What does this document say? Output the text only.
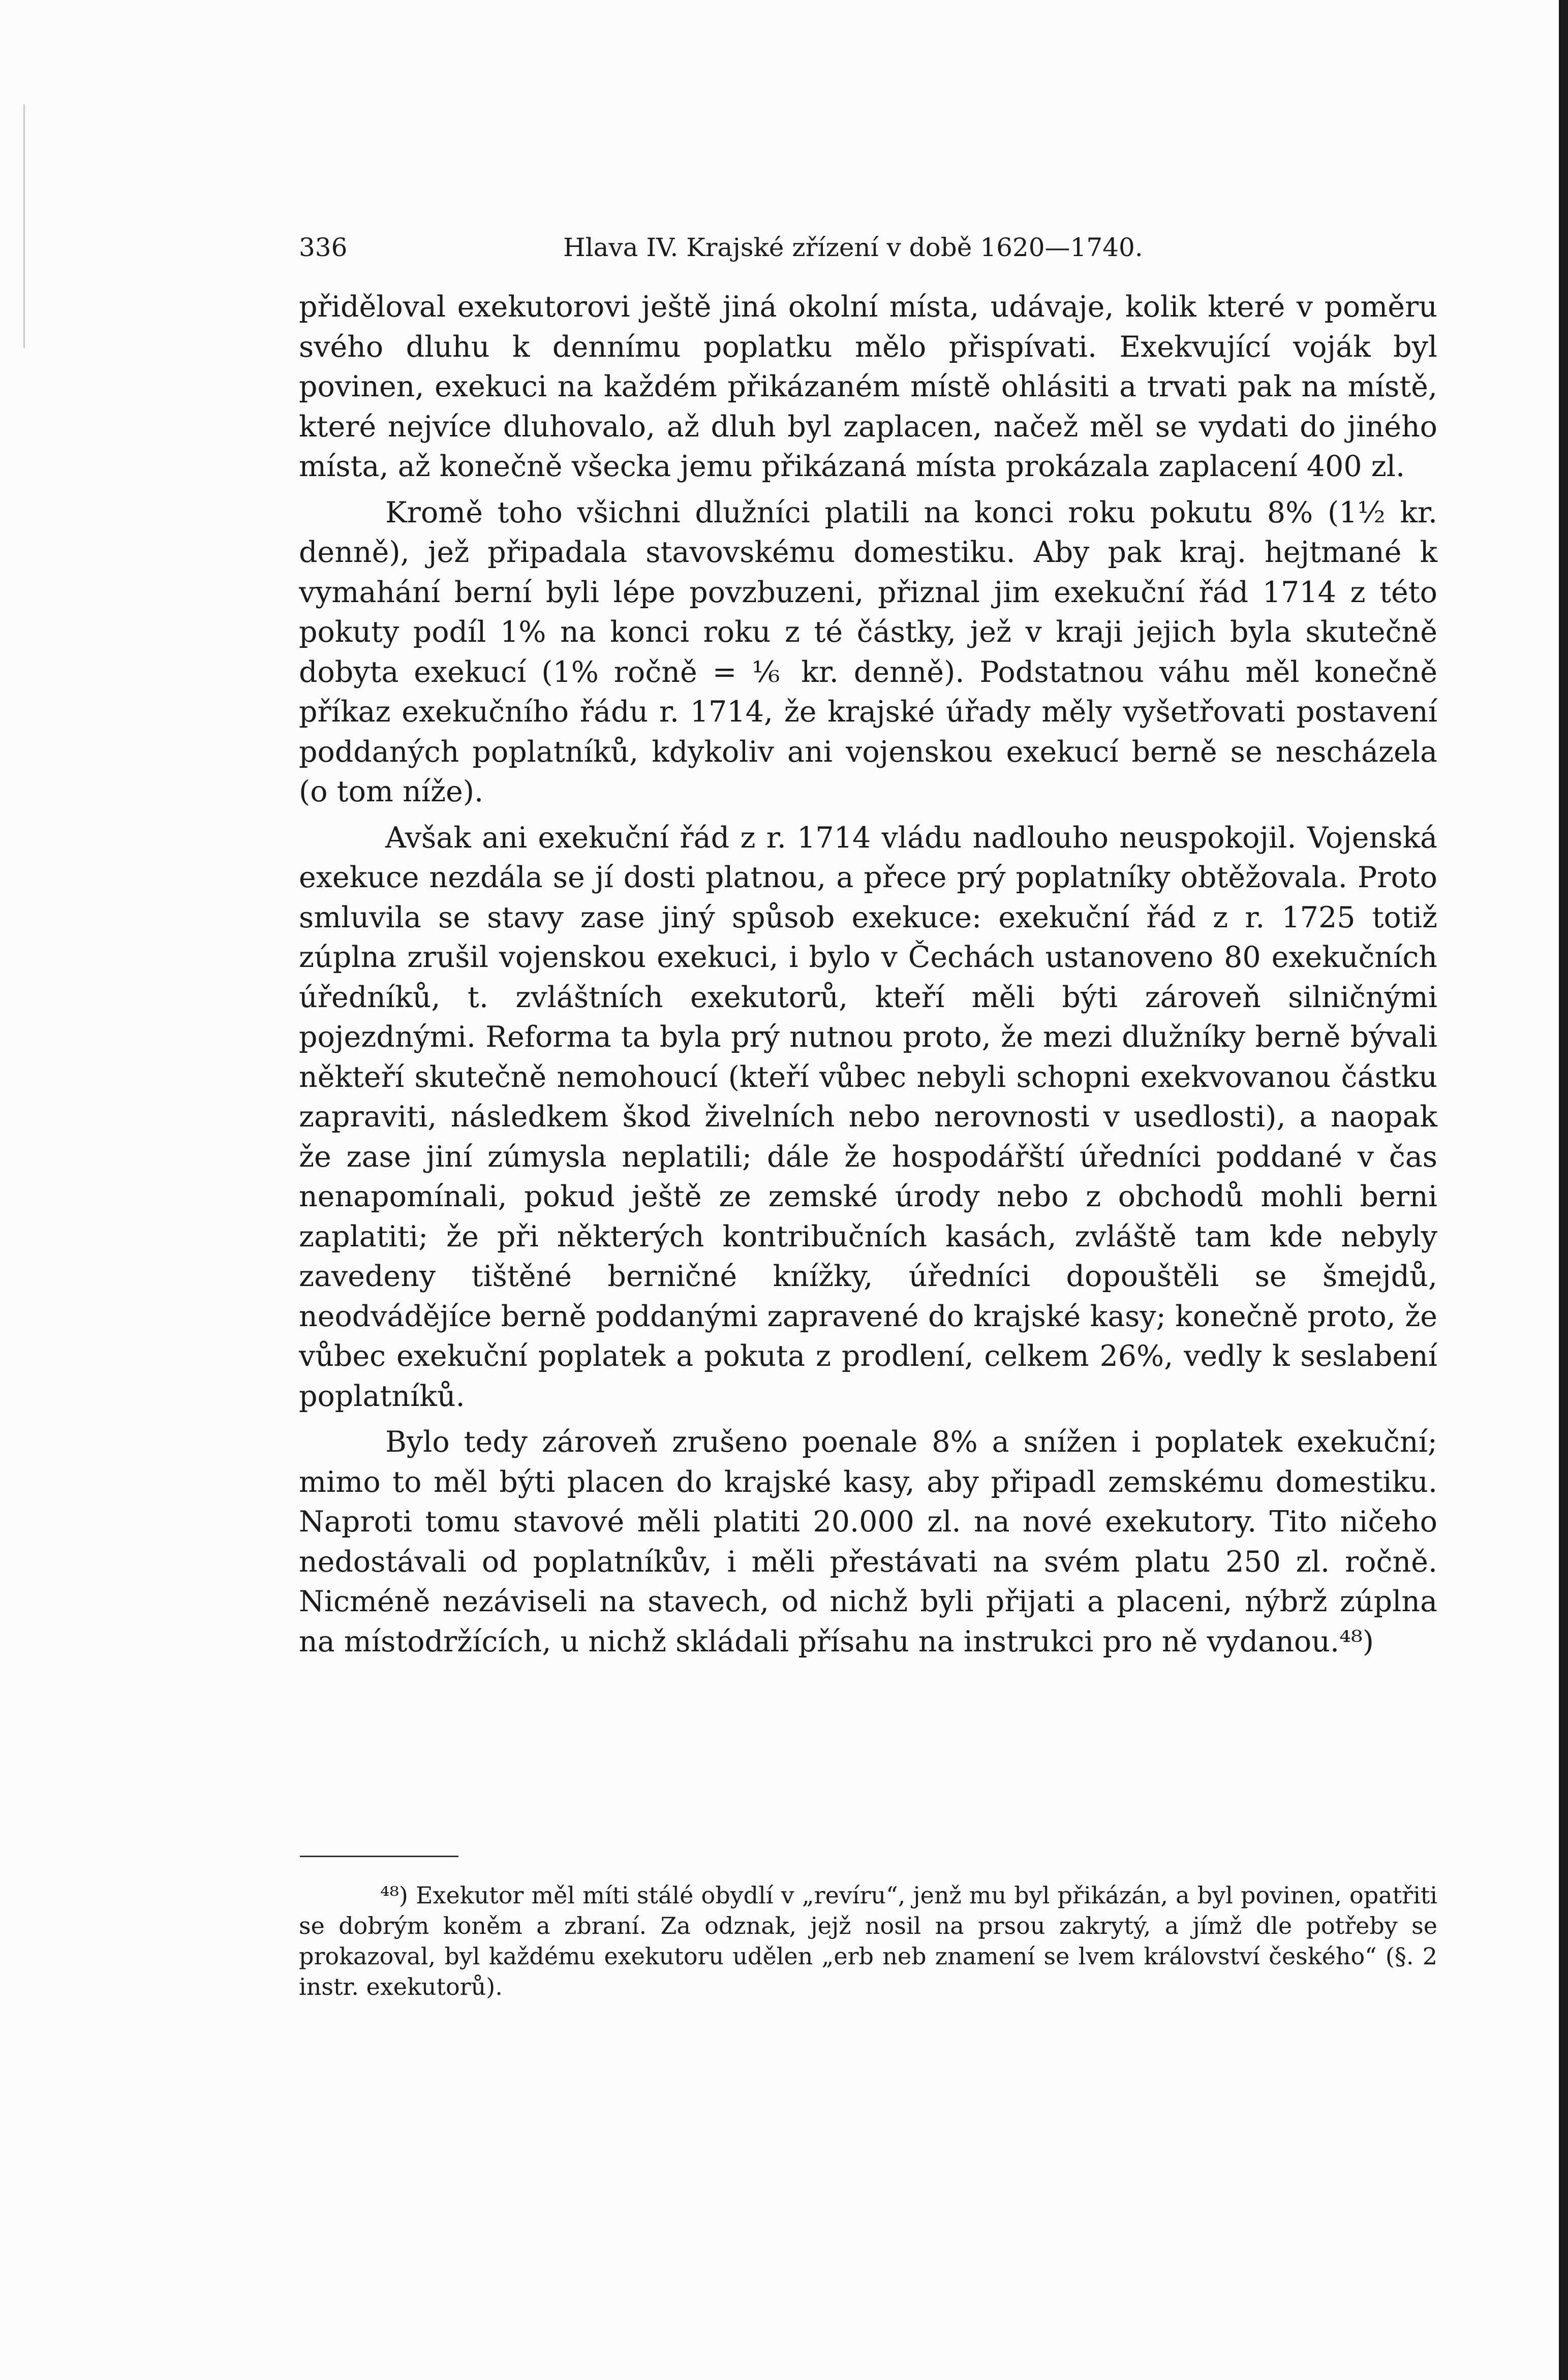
336	Hlava IV. Krajské zřízení v době 1620—1740.

přiděloval exekutorovi ještě jiná okolní místa, udávaje, kolik které v poměru svého dluhu k dennímu poplatku mělo přispívati. Exekvující voják byl povinen, exekuci na každém přikázaném místě ohlásiti a trvati pak na místě, které nejvíce dluhovalo, až dluh byl zaplacen, načež měl se vydati do jiného místa, až konečně všecka jemu přikázaná místa prokázala zaplacení 400 zl.

Kromě toho všichni dlužníci platili na konci roku pokutu 8% (1½ kr. denně), jež připadala stavovskému domestiku. Aby pak kraj. hejtmané k vymahání berní byli lépe povzbuzeni, přiznal jim exekuční řád 1714 z této pokuty podíl 1% na konci roku z té částky, jež v kraji jejich byla skutečně dobyta exekucí (1% ročně = ⅙ kr. denně). Podstatnou váhu měl konečně příkaz exekučního řádu r. 1714, že krajské úřady měly vyšetřovati postavení poddaných poplatníků, kdykoliv ani vojenskou exekucí berně se nescházela (o tom níže).

Avšak ani exekuční řád z r. 1714 vládu nadlouho neuspokojil. Vojenská exekuce nezdála se jí dosti platnou, a přece prý poplatníky obtěžovala. Proto smluvila se stavy zase jiný spůsob exekuce: exekuční řád z r. 1725 totiž zúplna zrušil vojenskou exekuci, i bylo v Čechách ustanoveno 80 exekučních úředníků, t. zvláštních exekutorů, kteří měli býti zároveň silničnými pojezdnými. Reforma ta byla prý nutnou proto, že mezi dlužníky berně bývali někteří skutečně nemohoucí (kteří vůbec nebyli schopni exekvovanou částku zapraviti, následkem škod živelních nebo nerovnosti v usedlosti), a naopak že zase jiní zúmysla neplatili; dále že hospodářští úředníci poddané v čas nenapomínali, pokud ještě ze zemské úrody nebo z obchodů mohli berni zaplatiti; že při některých kontribučních kasách, zvláště tam kde nebyly zavedeny tištěné berničné knížky, úředníci dopouštěli se šmejdů, neodvádějíce berně poddanými zapravené do krajské kasy; konečně proto, že vůbec exekuční poplatek a pokuta z prodlení, celkem 26%, vedly k seslabení poplatníků.

Bylo tedy zároveň zrušeno poenale 8% a snížen i poplatek exekuční; mimo to měl býti placen do krajské kasy, aby připadl zemskému domestiku. Naproti tomu stavové měli platiti 20.000 zl. na nové exekutory. Tito ničeho nedostávali od poplatníkův, i měli přestávati na svém platu 250 zl. ročně. Nicméně nezáviseli na stavech, od nichž byli přijati a placeni, nýbrž zúplna na místodržících, u nichž skládali přísahu na instrukci pro ně vydanou.⁴⁸)

⁴⁸) Exekutor měl míti stálé obydlí v „revíru“, jenž mu byl přikázán, a byl povinen, opatřiti se dobrým koněm a zbraní. Za odznak, jejž nosil na prsou zakrytý, a jímž dle potřeby se prokazoval, byl každému exekutoru udělen „erb neb znamení se lvem království českého“ (§. 2 instr. exekutorů).
